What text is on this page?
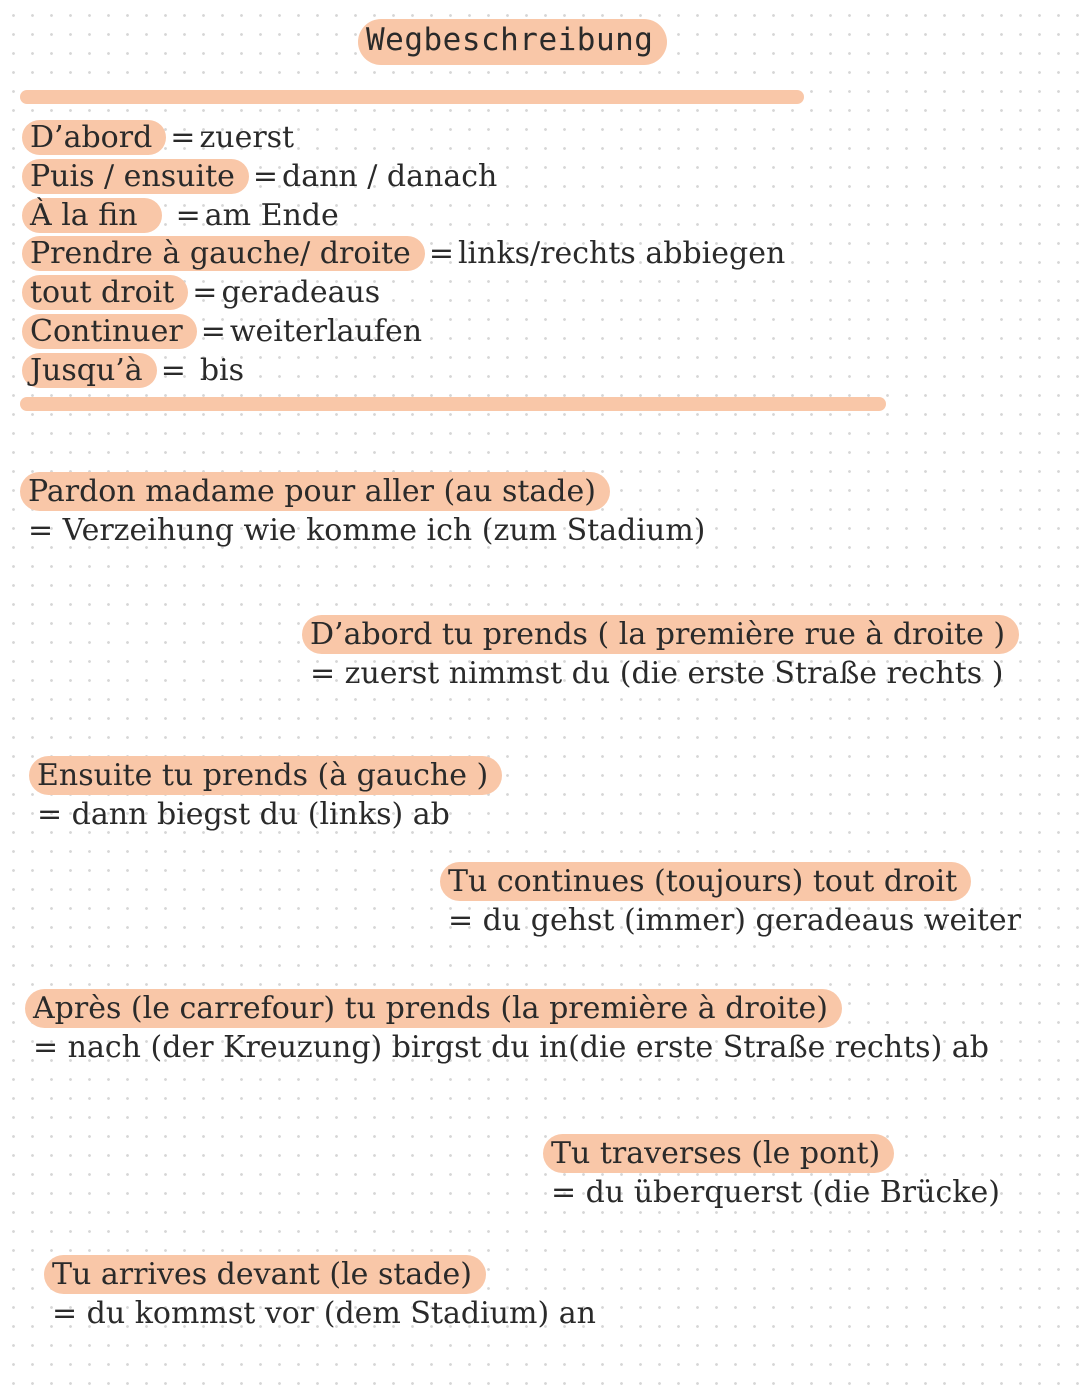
Wegbeschreibung
D’abord = zuerst
Puis / ensuite = dann / danach
À la fin = am Ende
Prendre à gauche/ droite = links/rechts abbiegen
tout droit = geradeaus
Continuer = weiterlaufen
Jusqu’à = bis
Pardon madame pour aller (au stade)
= Verzeihung wie komme ich (zum Stadium)
D’abord tu prends ( la première rue à droite )
= zuerst nimmst du (die erste Straße rechts )
Ensuite tu prends (à gauche )
= dann biegst du (links) ab
Tu continues (toujours) tout droit
= du gehst (immer) geradeaus weiter
Après (le carrefour) tu prends (la première à droite)
= nach (der Kreuzung) birgst du in(die erste Straße rechts) ab
Tu traverses (le pont)
= du überquerst (die Brücke)
Tu arrives devant (le stade)
= du kommst vor (dem Stadium) an
